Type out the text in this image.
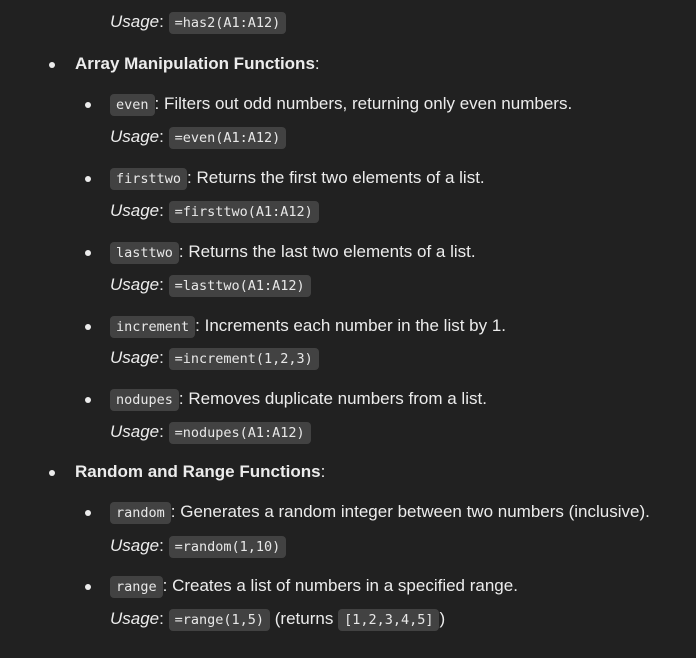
Usage: =has2(A1:A12)
Array Manipulation Functions:
even : Filters out odd numbers, returning only even numbers.
Usage: =even(A1:A12)
firsttwo : Returns the first two elements of a list.
Usage: =firsttwo(A1:A12)
lasttwo : Returns the last two elements of a list.
Usage: =lasttwo(A1:A12)
increment : Increments each number in the list by 1.
Usage: =increment(1,2,3)
nodupes : Removes duplicate numbers from a list.
Usage: =nodupes(A1:A12)
Random and Range Functions:
random : Generates a random integer between two numbers (inclusive).
Usage: =random(1,10)
range : Creates a list of numbers in a specified range.
Usage: =range(1,5) (returns [1,2,3,4,5] )
